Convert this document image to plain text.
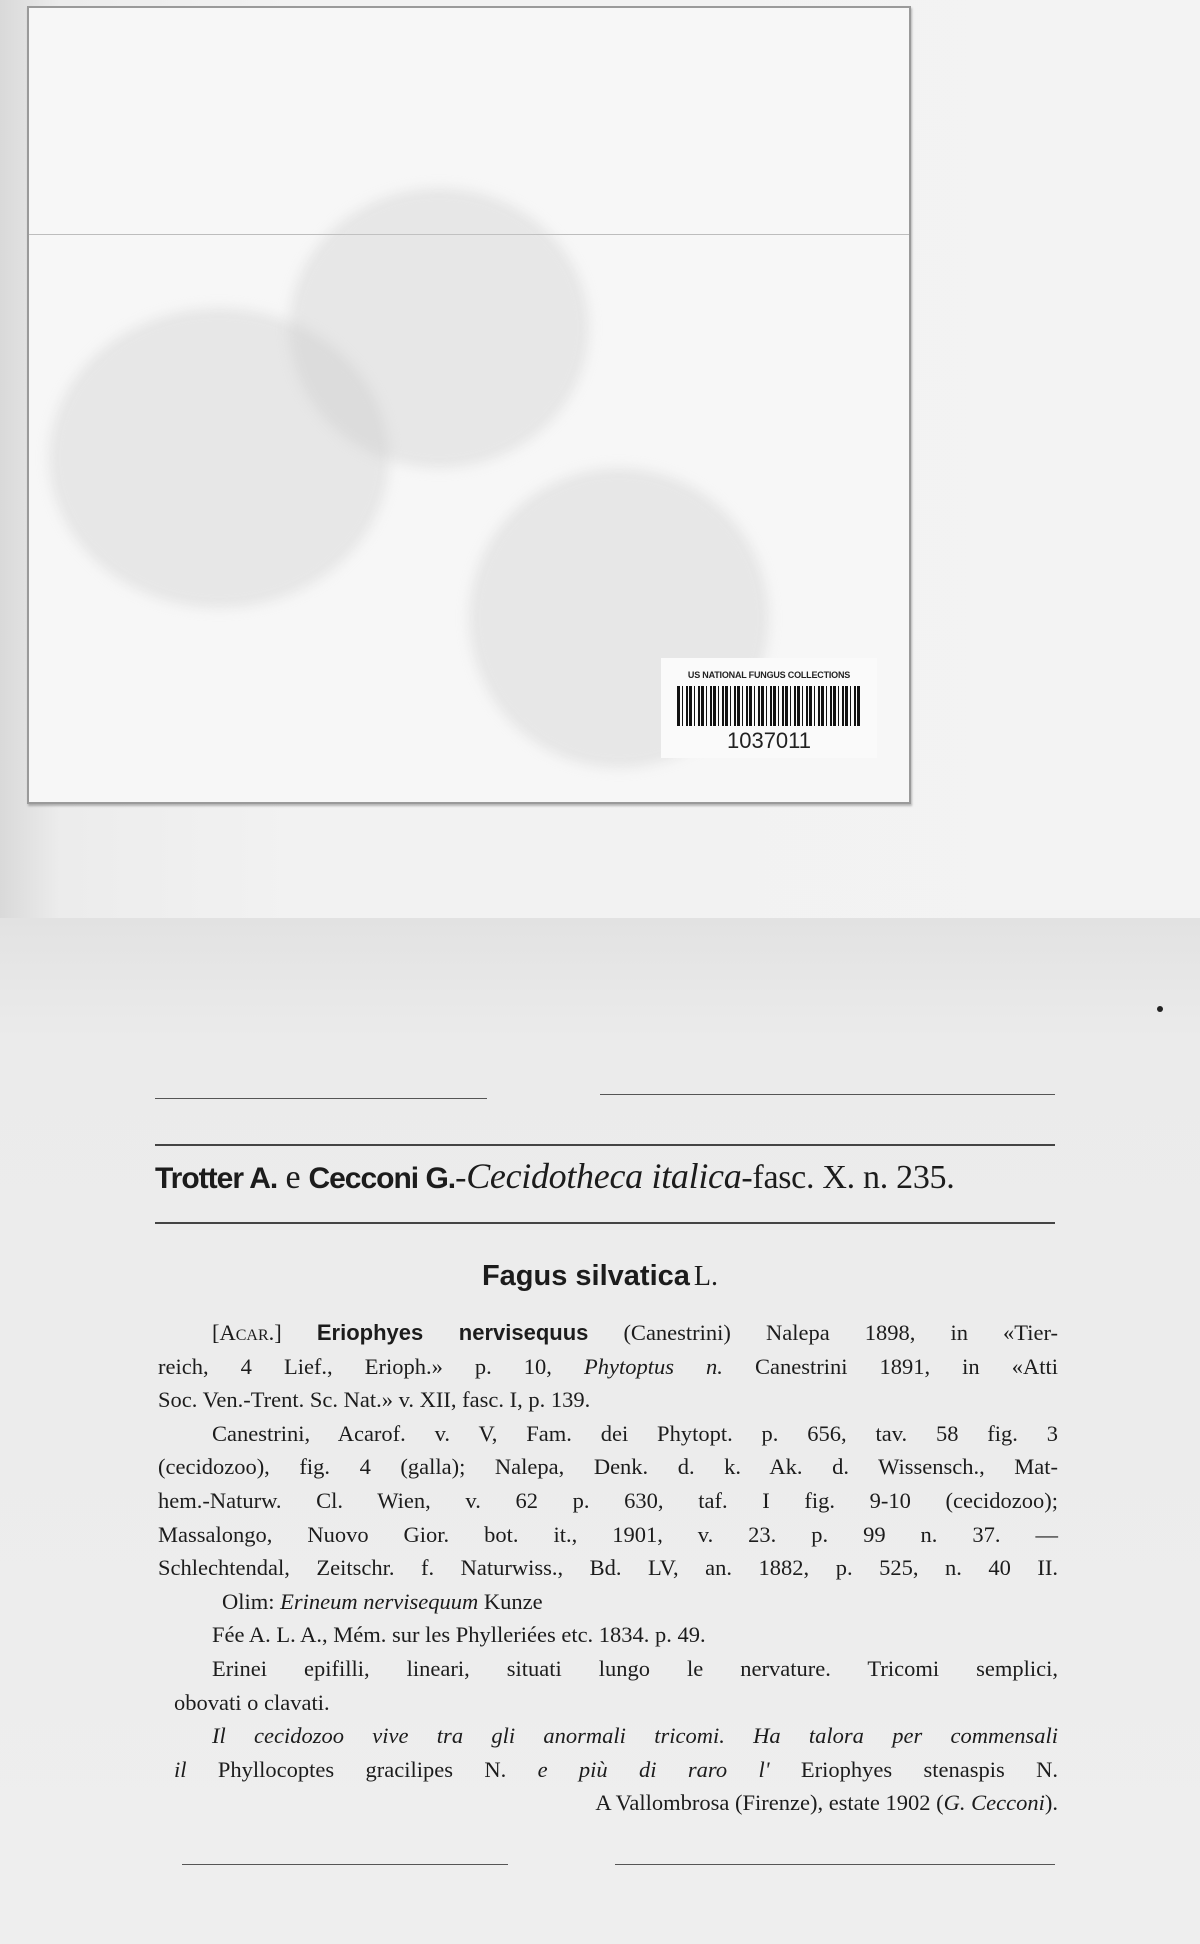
US NATIONAL FUNGUS COLLECTIONS
1037011
Trotter A. e Cecconi G.-Cecidotheca italica-fasc. X. n. 235.
Fagus silvatica L.
[Acar.] Eriophyes nervisequus (Canestrini) Nalepa 1898, in «Tier-
reich, 4 Lief., Erioph.» p. 10, Phytoptus n. Canestrini 1891, in «Atti
Soc. Ven.-Trent. Sc. Nat.» v. XII, fasc. I, p. 139.
Canestrini, Acarof. v. V, Fam. dei Phytopt. p. 656, tav. 58 fig. 3
(cecidozoo), fig. 4 (galla); Nalepa, Denk. d. k. Ak. d. Wissensch., Mat-
hem.-Naturw. Cl. Wien, v. 62 p. 630, taf. I fig. 9-10 (cecidozoo);
Massalongo, Nuovo Gior. bot. it., 1901, v. 23. p. 99 n. 37. —
Schlechtendal, Zeitschr. f. Naturwiss., Bd. LV, an. 1882, p. 525, n. 40 II.
Olim: Erineum nervisequum Kunze
Fée A. L. A., Mém. sur les Phylleriées etc. 1834. p. 49.
Erinei epifilli, lineari, situati lungo le nervature. Tricomi semplici,
obovati o clavati.
Il cecidozoo vive tra gli anormali tricomi. Ha talora per commensali
il Phyllocoptes gracilipes N. e più di raro l' Eriophyes stenaspis N.
A Vallombrosa (Firenze), estate 1902 (G. Cecconi).
